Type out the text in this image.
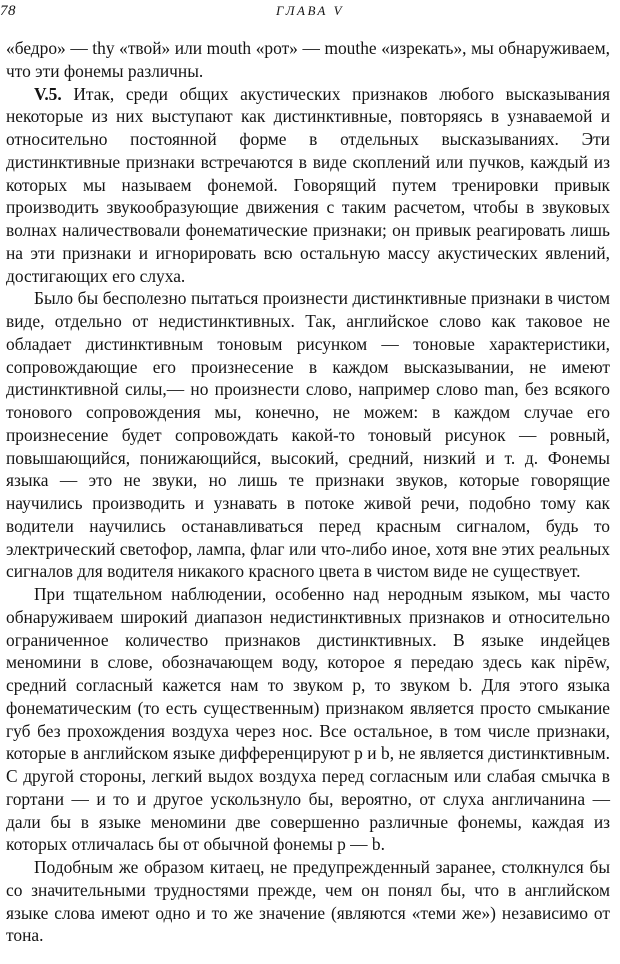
78	ГЛАВА V

«бедро» — thy «твой» или mouth «рот» — mouthe «изрекать», мы обнаруживаем, что эти фонемы различны.

V.5. Итак, среди общих акустических признаков любого высказывания некоторые из них выступают как дистинктивные, повторяясь в узнаваемой и относительно постоянной форме в отдельных высказываниях. Эти дистинктивные признаки встречаются в виде скоплений или пучков, каждый из которых мы называем фонемой. Говорящий путем тренировки привык производить звукообразующие движения с таким расчетом, чтобы в звуковых волнах наличествовали фонематические признаки; он привык реагировать лишь на эти признаки и игнорировать всю остальную массу акустических явлений, достигающих его слуха.

Было бы бесполезно пытаться произнести дистинктивные признаки в чистом виде, отдельно от недистинктивных. Так, английское слово как таковое не обладает дистинктивным тоновым рисунком — тоновые характеристики, сопровождающие его произнесение в каждом высказывании, не имеют дистинктивной силы,— но произнести слово, например слово man, без всякого тонового сопровождения мы, конечно, не можем: в каждом случае его произнесение будет сопровождать какой-то тоновый рисунок — ровный, повышающийся, понижающийся, высокий, средний, низкий и т. д. Фонемы языка — это не звуки, но лишь те признаки звуков, которые говорящие научились производить и узнавать в потоке живой речи, подобно тому как водители научились останавливаться перед красным сигналом, будь то электрический светофор, лампа, флаг или что-либо иное, хотя вне этих реальных сигналов для водителя никакого красного цвета в чистом виде не существует.

При тщательном наблюдении, особенно над неродным языком, мы часто обнаруживаем широкий диапазон недистинктивных признаков и относительно ограниченное количество признаков дистинктивных. В языке индейцев меномини в слове, обозначающем воду, которое я передаю здесь как nipēw, средний согласный кажется нам то звуком p, то звуком b. Для этого языка фонематическим (то есть существенным) признаком является просто смыкание губ без прохождения воздуха через нос. Все остальное, в том числе признаки, которые в английском языке дифференцируют p и b, не является дистинктивным. С другой стороны, легкий выдох воздуха перед согласным или слабая смычка в гортани — и то и другое ускользнуло бы, вероятно, от слуха англичанина — дали бы в языке меномини две совершенно различные фонемы, каждая из которых отличалась бы от обычной фонемы p — b.

Подобным же образом китаец, не предупрежденный заранее, столкнулся бы со значительными трудностями прежде, чем он понял бы, что в английском языке слова имеют одно и то же значение (являются «теми же») независимо от тона.
